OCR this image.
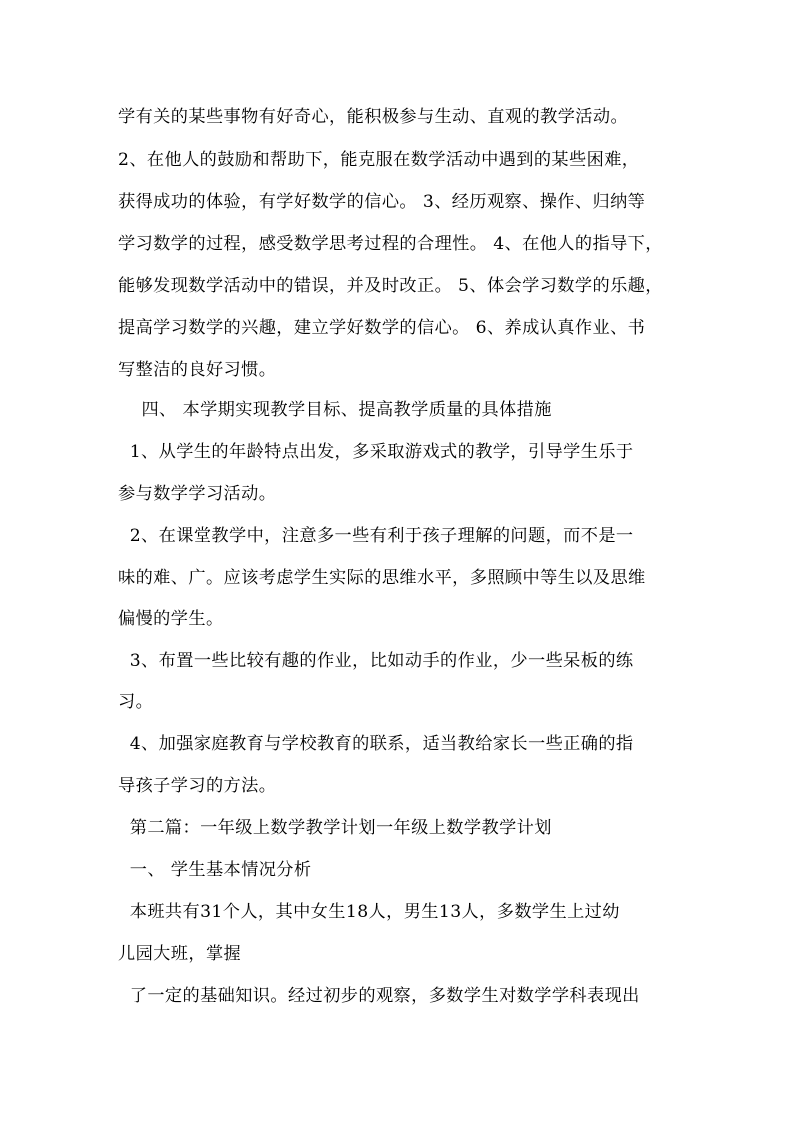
学有关的某些事物有好奇心，能积极参与生动、直观的教学活动。
2、在他人的鼓励和帮助下，能克服在数学活动中遇到的某些困难，
获得成功的体验，有学好数学的信心。 3、经历观察、操作、归纳等
学习数学的过程，感受数学思考过程的合理性。 4、在他人的指导下，
能够发现数学活动中的错误，并及时改正。 5、体会学习数学的乐趣，
提高学习数学的兴趣，建立学好数学的信心。 6、养成认真作业、书
写整洁的良好习惯。
四、 本学期实现教学目标、提高教学质量的具体措施
1、从学生的年龄特点出发，多采取游戏式的教学，引导学生乐于
参与数学学习活动。
2、在课堂教学中，注意多一些有利于孩子理解的问题，而不是一
味的难、广。应该考虑学生实际的思维水平，多照顾中等生以及思维
偏慢的学生。
3、布置一些比较有趣的作业，比如动手的作业，少一些呆板的练
习。
4、加强家庭教育与学校教育的联系，适当教给家长一些正确的指
导孩子学习的方法。
第二篇：一年级上数学教学计划一年级上数学教学计划
一、 学生基本情况分析
本班共有31个人，其中女生18人，男生13人，多数学生上过幼
儿园大班，掌握
了一定的基础知识。经过初步的观察，多数学生对数学学科表现出
